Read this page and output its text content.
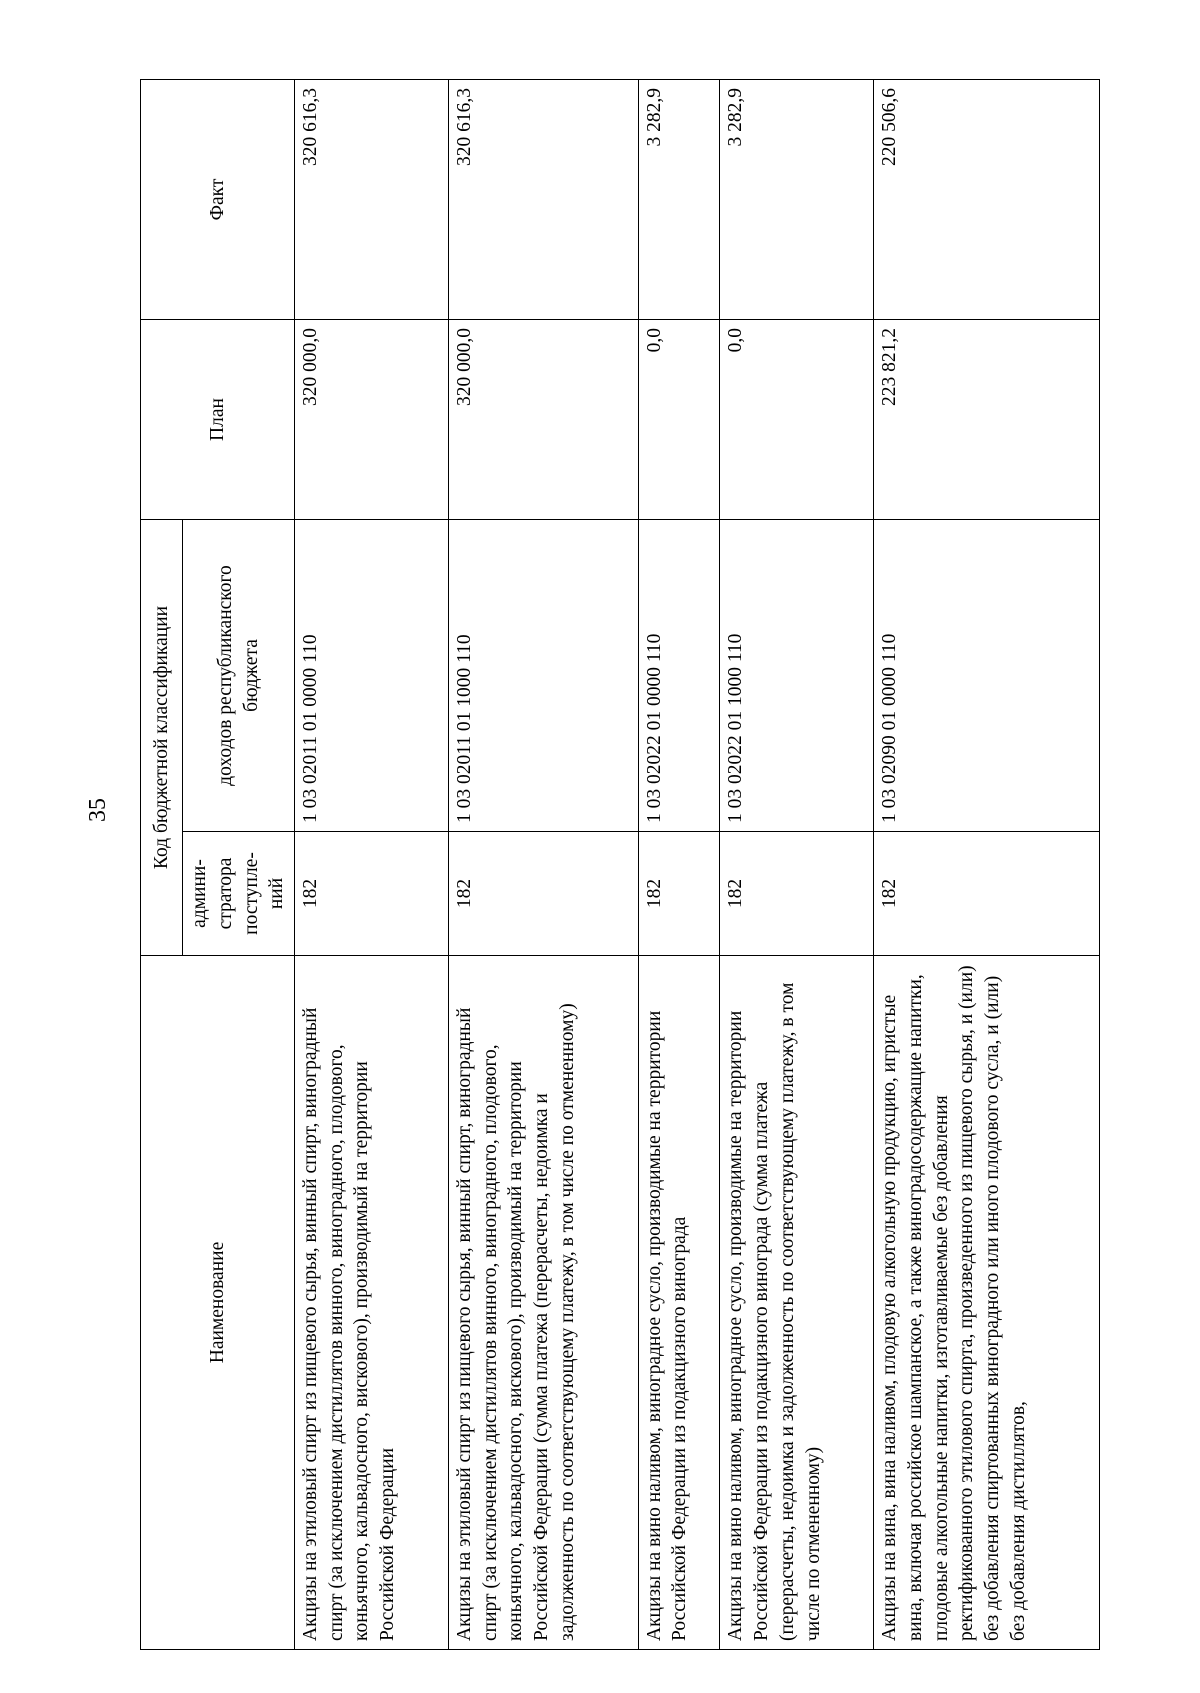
35
Наименование	Код бюджетной классификации		План	Факт
	админи-стратора поступле-ний	доходов республиканского бюджета		
Акцизы на этиловый спирт из пищевого сырья, винный спирт, виноградный спирт (за исключением дистиллятов винного, виноградного, плодового, коньячного, кальвадосного, вискового), производимый на территории Российской Федерации	182	1 03 02011 01 0000 110	320 000,0	320 616,3
Акцизы на этиловый спирт из пищевого сырья, винный спирт, виноградный спирт (за исключением дистиллятов винного, виноградного, плодового, коньячного, кальвадосного, вискового), производимый на территории Российской Федерации (сумма платежа (перерасчеты, недоимка и задолженность по соответствующему платежу, в том числе по отмененному)	182	1 03 02011 01 1000 110	320 000,0	320 616,3
Акцизы на вино наливом, виноградное сусло, производимые на территории Российской Федерации из подакцизного винограда	182	1 03 02022 01 0000 110	0,0	3 282,9
Акцизы на вино наливом, виноградное сусло, производимые на территории Российской Федерации из подакцизного винограда (сумма платежа (перерасчеты, недоимка и задолженность по соответствующему платежу, в том числе по отмененному)	182	1 03 02022 01 1000 110	0,0	3 282,9
Акцизы на вина, вина наливом, плодовую алкогольную продукцию, игристые вина, включая российское шампанское, а также виноградосодержащие напитки, плодовые алкогольные напитки, изготавливаемые без добавления ректификованного этилового спирта, произведенного из пищевого сырья, и (или) без добавления спиртованных виноградного или иного плодового сусла, и (или) без добавления дистиллятов,	182	1 03 02090 01 0000 110	223 821,2	220 506,6
